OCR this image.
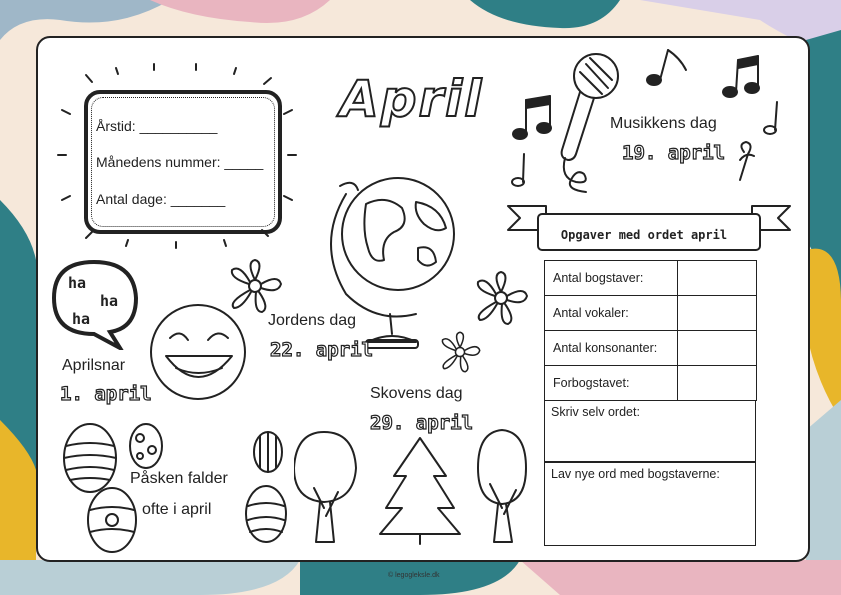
Årstid: __________
Månedens nummer: _____
Antal dage: _______
April	Musikkens dag
19. april
Opgaver med ordet april
Antal bogstaver:	
Antal vokaler:	
Antal konsonanter:	
Forbogstavet:	
Skriv selv ordet:
Lav nye ord med bogstaverne:
Jordens dag
22. april
ha
ha
ha
Aprilsnar
1. april
Påsken falder
ofte i april
Skovens dag
29. april
© legogleksle.dk
